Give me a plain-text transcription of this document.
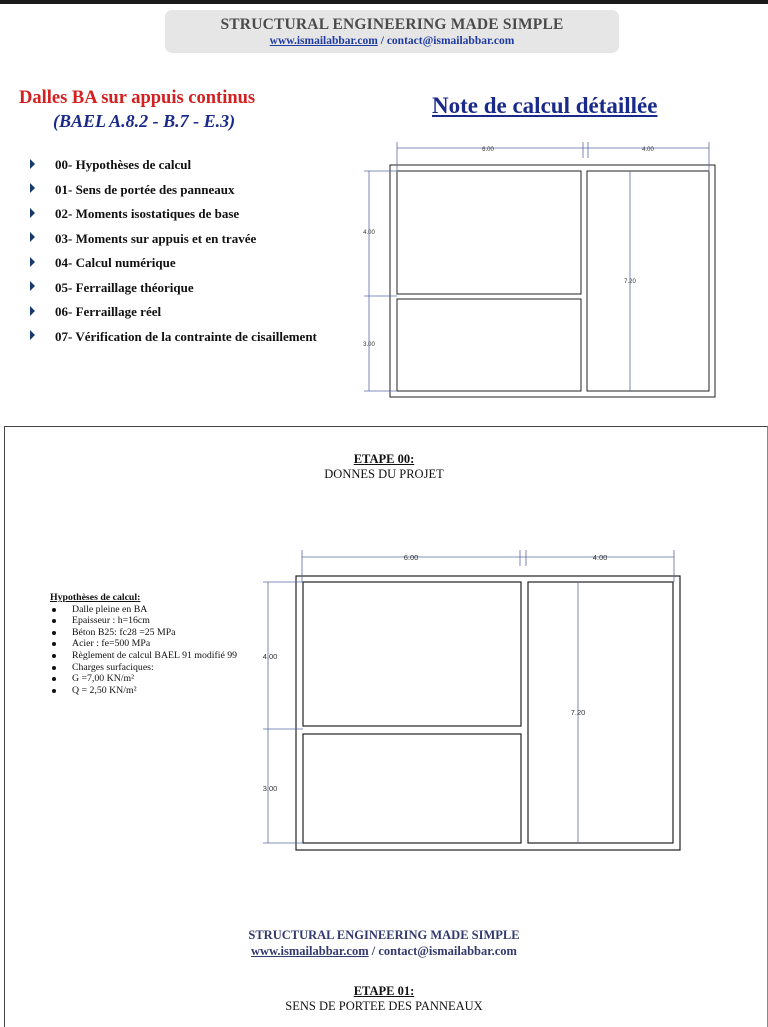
STRUCTURAL ENGINEERING MADE SIMPLE
www.ismailabbar.com / contact@ismailabbar.com
Dalles BA sur appuis continus
(BAEL A.8.2 - B.7 - E.3)
Note de calcul détaillée
00- Hypothèses de calcul
01- Sens de portée des panneaux
02- Moments isostatiques de base
03- Moments sur appuis et en travée
04- Calcul numérique
05- Ferraillage théorique
06- Ferraillage réel
07- Vérification de la contrainte de cisaillement
6.00	4.00
4.00
3.00
7.20
ETAPE 00:
DONNES DU PROJET
Hypothèses de calcul:
Dalle pleine en BA
Epaisseur : h=16cm
Béton B25: fc28 =25 MPa
Acier : fe=500 MPa
Règlement de calcul BAEL 91 modifié 99
Charges surfaciques:
G =7,00 KN/m²
Q = 2,50 KN/m²
6.00	4.00
4.00
3.00
7.20
STRUCTURAL ENGINEERING MADE SIMPLE
www.ismailabbar.com / contact@ismailabbar.com
ETAPE 01:
SENS DE PORTEE DES PANNEAUX
